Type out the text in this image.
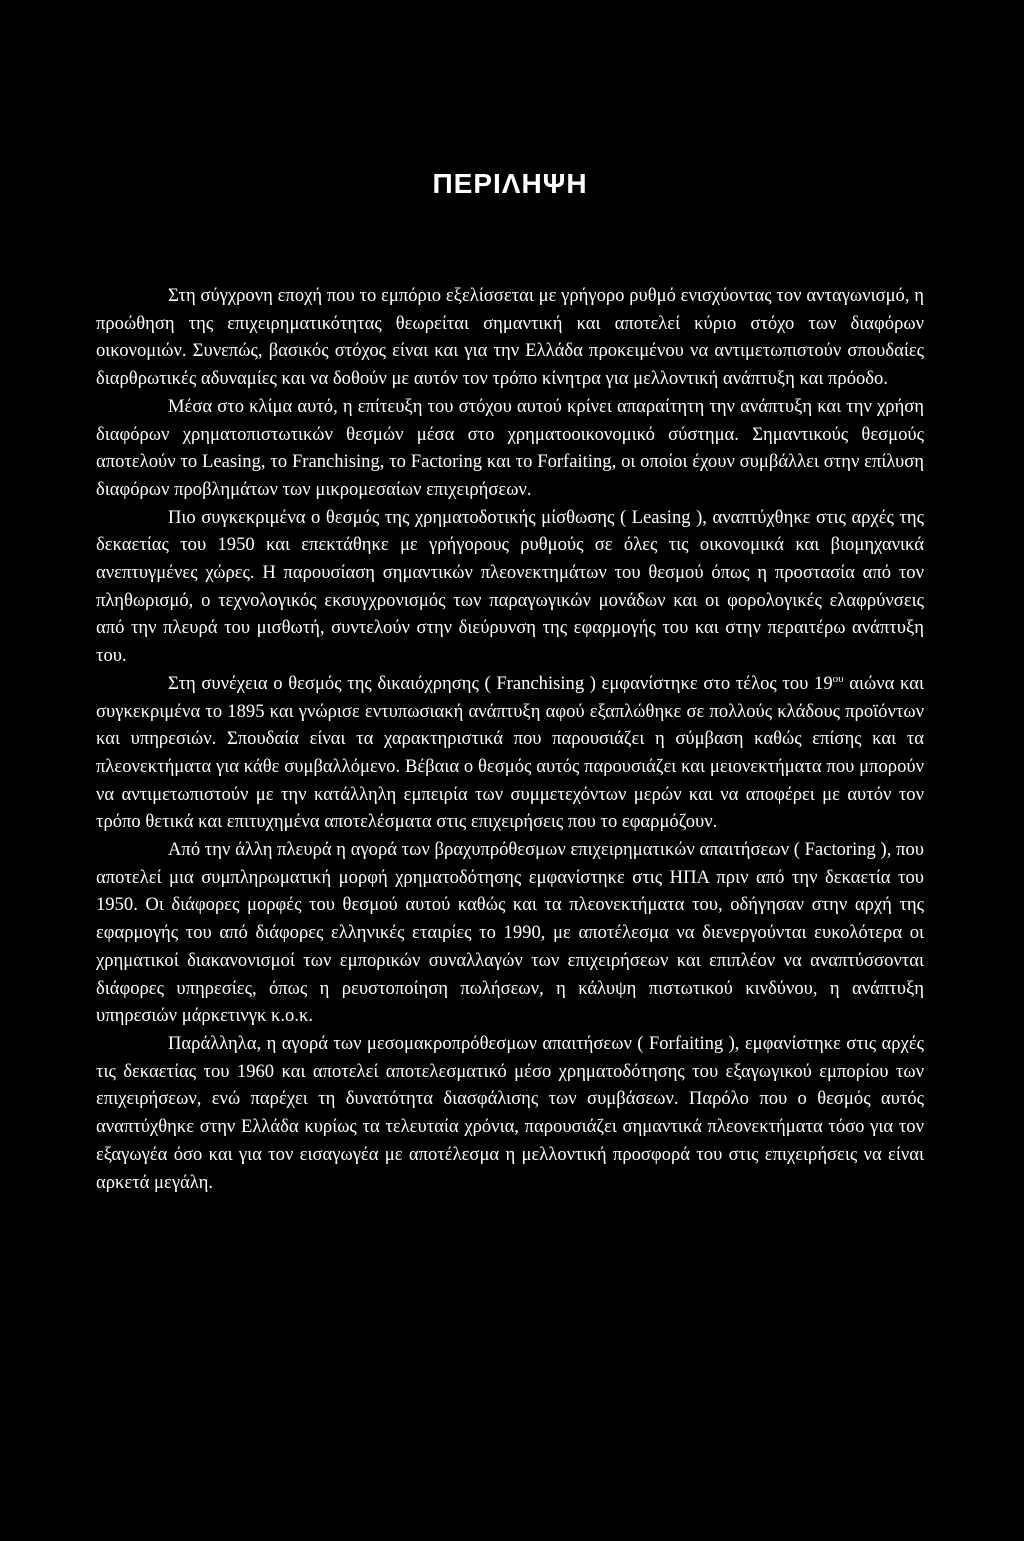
ΠΕΡΙΛΗΨΗ

Στη σύγχρονη εποχή που το εμπόριο εξελίσσεται με γρήγορο ρυθμό ενισχύοντας τον ανταγωνισμό, η προώθηση της επιχειρηματικότητας θεωρείται σημαντική και αποτελεί κύριο στόχο των διαφόρων οικονομιών. Συνεπώς, βασικός στόχος είναι και για την Ελλάδα προκειμένου να αντιμετωπιστούν σπουδαίες διαρθρωτικές αδυναμίες και να δοθούν με αυτόν τον τρόπο κίνητρα για μελλοντική ανάπτυξη και πρόοδο.

Μέσα στο κλίμα αυτό, η επίτευξη του στόχου αυτού κρίνει απαραίτητη την ανάπτυξη και την χρήση διαφόρων χρηματοπιστωτικών θεσμών μέσα στο χρηματοοικονομικό σύστημα. Σημαντικούς θεσμούς αποτελούν το Leasing, το Franchising, το Factoring και το Forfaiting, οι οποίοι έχουν συμβάλλει στην επίλυση διαφόρων προβλημάτων των μικρομεσαίων επιχειρήσεων.

Πιο συγκεκριμένα ο θεσμός της χρηματοδοτικής μίσθωσης ( Leasing ), αναπτύχθηκε στις αρχές της δεκαετίας του 1950 και επεκτάθηκε με γρήγορους ρυθμούς σε όλες τις οικονομικά και βιομηχανικά ανεπτυγμένες χώρες. Η παρουσίαση σημαντικών πλεονεκτημάτων του θεσμού όπως η προστασία από τον πληθωρισμό, ο τεχνολογικός εκσυγχρονισμός των παραγωγικών μονάδων και οι φορολογικές ελαφρύνσεις από την πλευρά του μισθωτή, συντελούν στην διεύρυνση της εφαρμογής του και στην περαιτέρω ανάπτυξη του.

Στη συνέχεια ο θεσμός της δικαιόχρησης ( Franchising ) εμφανίστηκε στο τέλος του $19^{o\upsilon}$ αιώνα και συγκεκριμένα το 1895 και γνώρισε εντυπωσιακή ανάπτυξη αφού εξαπλώθηκε σε πολλούς κλάδους προϊόντων και υπηρεσιών. Σπουδαία είναι τα χαρακτηριστικά που παρουσιάζει η σύμβαση καθώς επίσης και τα πλεονεκτήματα για κάθε συμβαλλόμενο. Βέβαια ο θεσμός αυτός παρουσιάζει και μειονεκτήματα που μπορούν να αντιμετωπιστούν με την κατάλληλη εμπειρία των συμμετεχόντων μερών και να αποφέρει με αυτόν τον τρόπο θετικά και επιτυχημένα αποτελέσματα στις επιχειρήσεις που το εφαρμόζουν.

Από την άλλη πλευρά η αγορά των βραχυπρόθεσμων επιχειρηματικών απαιτήσεων ( Factoring ), που αποτελεί μια συμπληρωματική μορφή χρηματοδότησης εμφανίστηκε στις ΗΠΑ πριν από την δεκαετία του 1950. Οι διάφορες μορφές του θεσμού αυτού καθώς και τα πλεονεκτήματα του, οδήγησαν στην αρχή της εφαρμογής του από διάφορες ελληνικές εταιρίες το 1990, με αποτέλεσμα να διενεργούνται ευκολότερα οι χρηματικοί διακανονισμοί των εμπορικών συναλλαγών των επιχειρήσεων και επιπλέον να αναπτύσσονται διάφορες υπηρεσίες, όπως η ρευστοποίηση πωλήσεων, η κάλυψη πιστωτικού κινδύνου, η ανάπτυξη υπηρεσιών μάρκετινγκ κ.ο.κ.

Παράλληλα, η αγορά των μεσομακροπρόθεσμων απαιτήσεων ( Forfaiting ), εμφανίστηκε στις αρχές τις δεκαετίας του 1960 και αποτελεί αποτελεσματικό μέσο χρηματοδότησης του εξαγωγικού εμπορίου των επιχειρήσεων, ενώ παρέχει τη δυνατότητα διασφάλισης των συμβάσεων. Παρόλο που ο θεσμός αυτός αναπτύχθηκε στην Ελλάδα κυρίως τα τελευταία χρόνια, παρουσιάζει σημαντικά πλεονεκτήματα τόσο για τον εξαγωγέα όσο και για τον εισαγωγέα με αποτέλεσμα η μελλοντική προσφορά του στις επιχειρήσεις να είναι αρκετά μεγάλη.
